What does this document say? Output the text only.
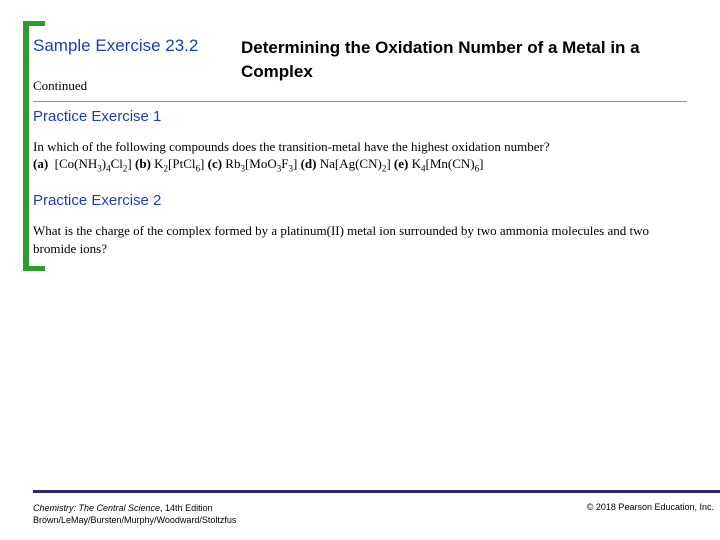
Sample Exercise 23.2	Determining the Oxidation Number of a Metal in a Complex
Continued
Practice Exercise 1
In which of the following compounds does the transition-metal have the highest oxidation number?
(a) $[Co(NH_3)_4Cl_2]$ (b) $K_2[PtCl_6]$ (c) $Rb_3[MoO_3F_3]$ (d) $Na[Ag(CN)_2]$ (e) $K_4[Mn(CN)_6]$
Practice Exercise 2
What is the charge of the complex formed by a platinum(II) metal ion surrounded by two ammonia molecules and two bromide ions?
Chemistry: The Central Science, 14th Edition
Brown/LeMay/Bursten/Murphy/Woodward/Stoltzfus
© 2018 Pearson Education, Inc.
